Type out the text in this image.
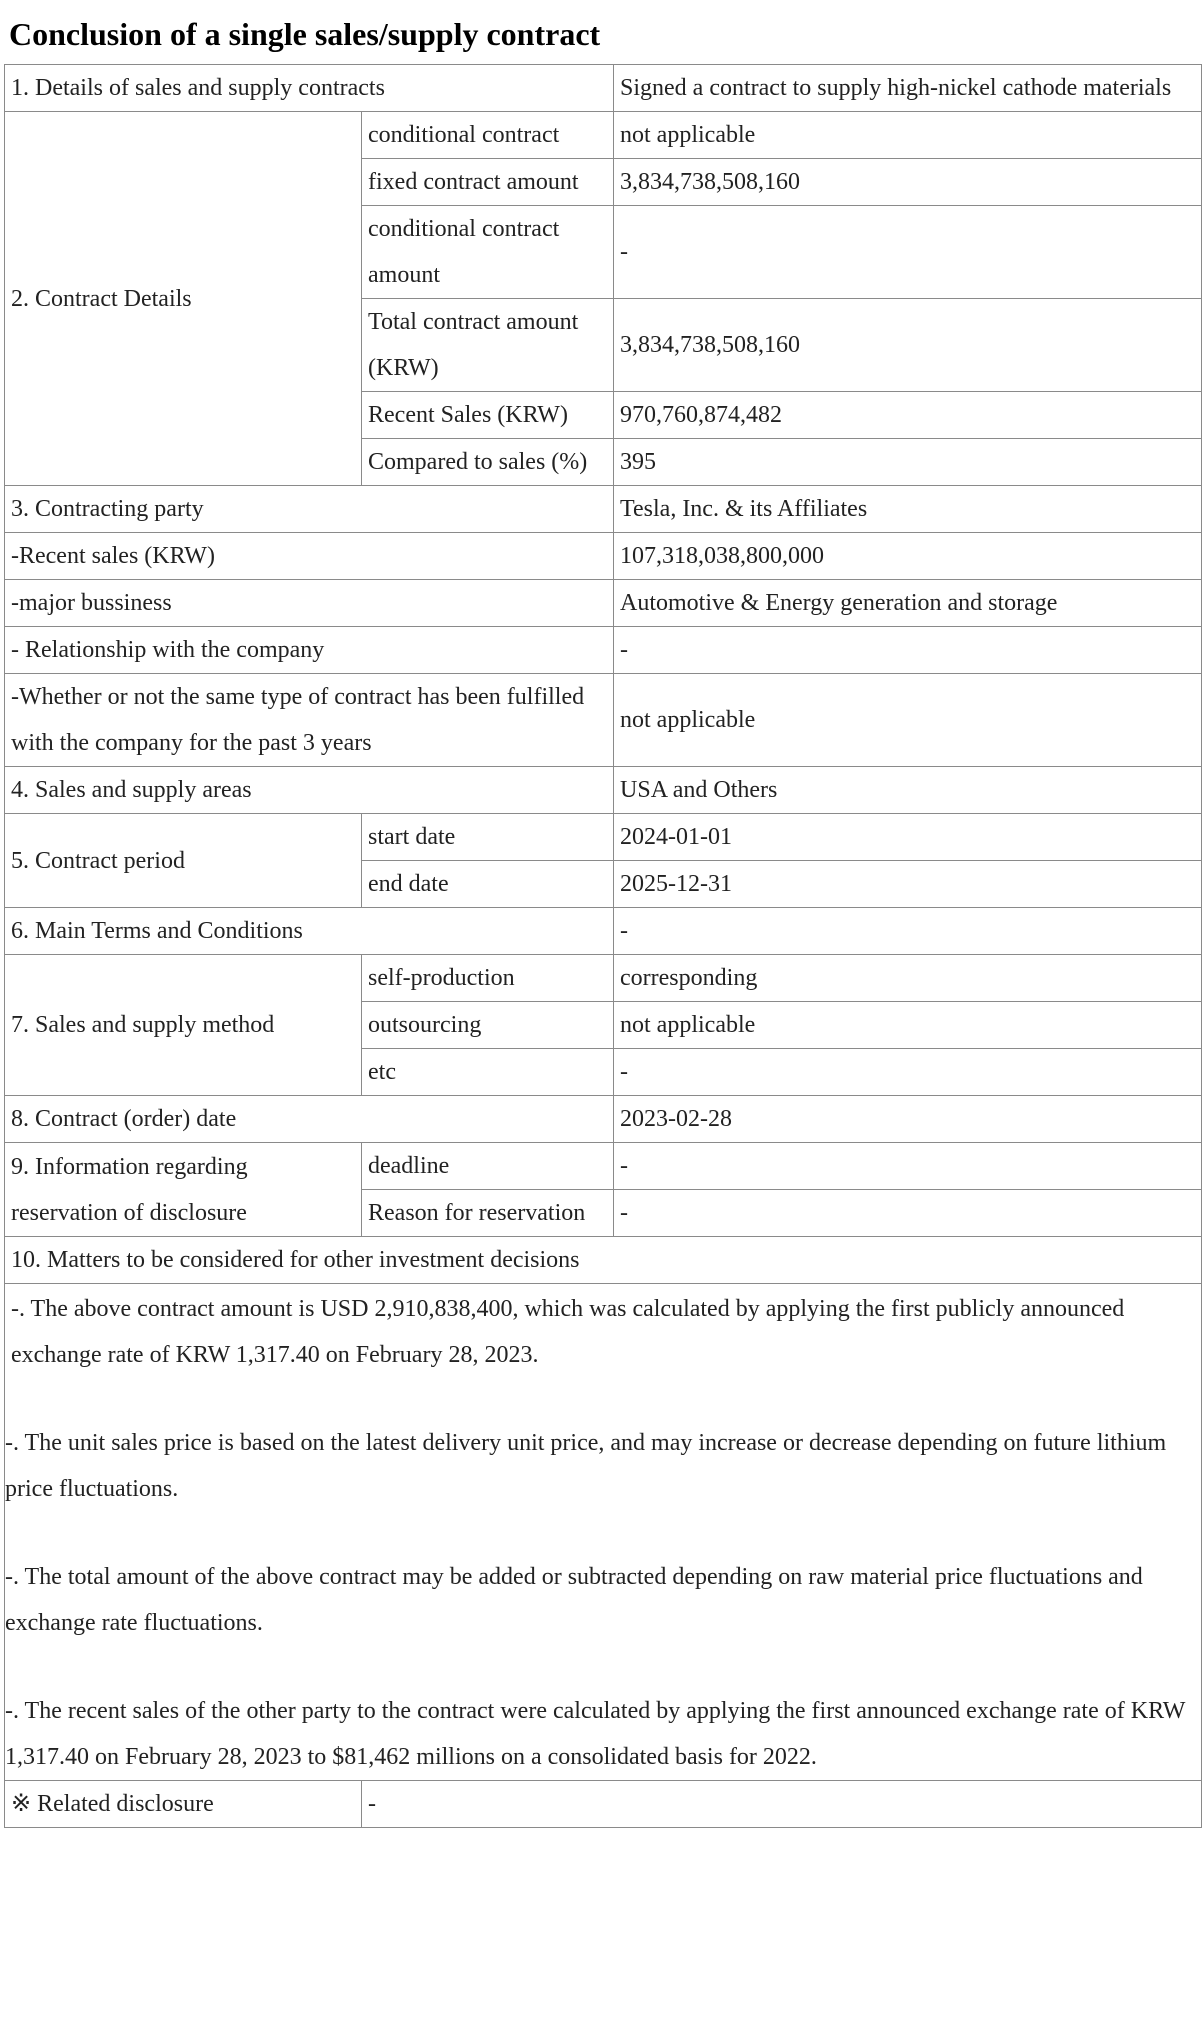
Conclusion of a single sales/supply contract
1. Details of sales and supply contracts		Signed a contract to supply high-nickel cathode materials
2. Contract Details	conditional contract	not applicable
	fixed contract amount	3,834,738,508,160
	conditional contract amount	-
	Total contract amount (KRW)	3,834,738,508,160
	Recent Sales (KRW)	970,760,874,482
	Compared to sales (%)	395
3. Contracting party		Tesla, Inc. & its Affiliates
-Recent sales (KRW)		107,318,038,800,000
-major bussiness		Automotive & Energy generation and storage
- Relationship with the company		-
-Whether or not the same type of contract has been fulfilled with the company for the past 3 years		not applicable
4. Sales and supply areas		USA and Others
5. Contract period	start date	2024-01-01
	end date	2025-12-31
6. Main Terms and Conditions		-
7. Sales and supply method	self-production	corresponding
	outsourcing	not applicable
	etc	-
8. Contract (order) date		2023-02-28
9. Information regarding reservation of disclosure	deadline	-
	Reason for reservation	-
10. Matters to be considered for other investment decisions		

-. The above contract amount is USD 2,910,838,400, which was calculated by applying the first publicly announced exchange rate of KRW 1,317.40 on February 28, 2023.

-. The unit sales price is based on the latest delivery unit price, and may increase or decrease depending on future lithium price fluctuations.

-. The total amount of the above contract may be added or subtracted depending on raw material price fluctuations and exchange rate fluctuations.

-. The recent sales of the other party to the contract were calculated by applying the first announced exchange rate of KRW 1,317.40 on February 28, 2023 to $81,462 millions on a consolidated basis for 2022.		

※ Related disclosure	-	
